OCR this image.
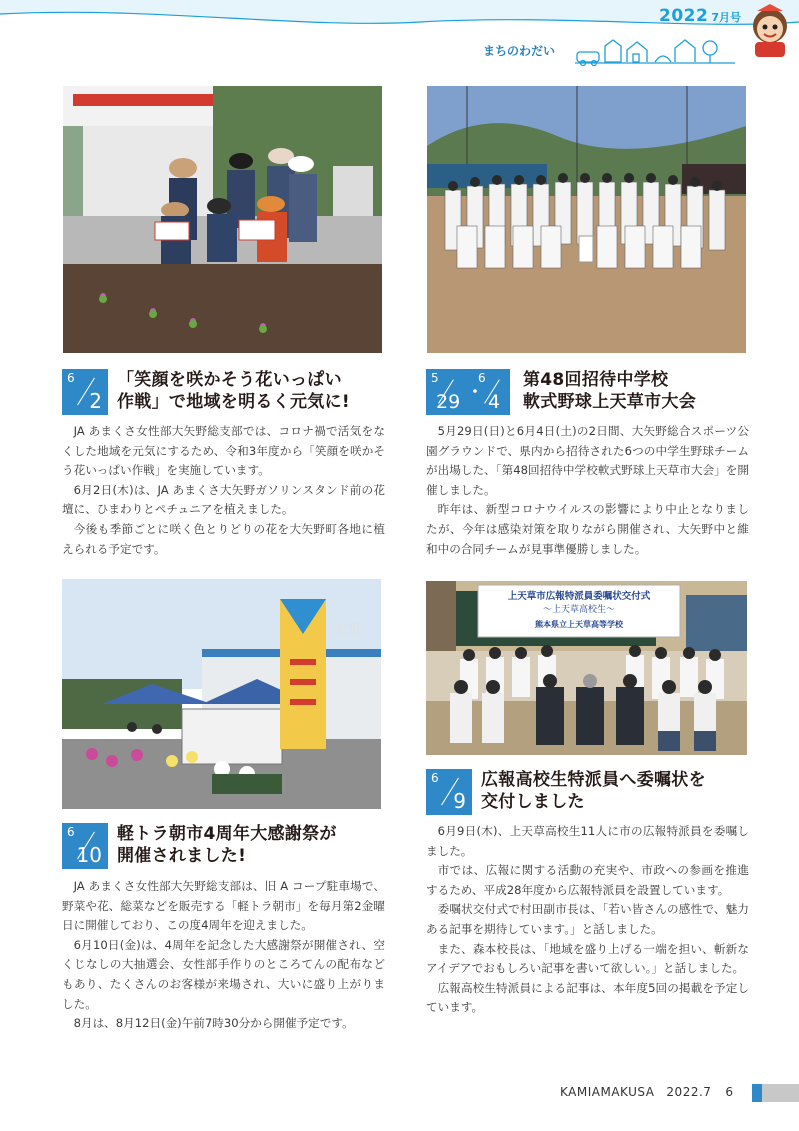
2022 7月号
まちのわだい
6
2
「笑顔を咲かそう花いっぱい
作戦」で地域を明るく元気に!

JA あまくさ女性部大矢野総支部では、コロナ禍で活気をなくした地域を元気にするため、令和3年度から「笑顔を咲かそう花いっぱい作戦」を実施しています。

6月2日(木)は、JA あまくさ大矢野ガソリンスタンド前の花壇に、ひまわりとペチュニアを植えました。

今後も季節ごとに咲く色とりどりの花を大矢野町各地に植えられる予定です。

5
29 ・
6
4
第48回招待中学校
軟式野球上天草市大会

5月29日(日)と6月4日(土)の2日間、大矢野総合スポーツ公園グラウンドで、県内から招待された6つの中学生野球チームが出場した、「第48回招待中学校軟式野球上天草市大会」を開催しました。

昨年は、新型コロナウイルスの影響により中止となりましたが、今年は感染対策を取りながら開催され、大矢野中と維和中の合同チームが見事準優勝しました。

矢野
上天草市広報特派員委嘱状交付式
～上天草高校生～
熊本県立上天草高等学校
6
10
軽トラ朝市4周年大感謝祭が
開催されました!

JA あまくさ女性部大矢野総支部は、旧 A コープ駐車場で、野菜や花、総菜などを販売する「軽トラ朝市」を毎月第2金曜日に開催しており、この度4周年を迎えました。

6月10日(金)は、4周年を記念した大感謝祭が開催され、空くじなしの大抽選会、女性部手作りのところてんの配布などもあり、たくさんのお客様が来場され、大いに盛り上がりました。

8月は、8月12日(金)午前7時30分から開催予定です。

6
9
広報高校生特派員へ委嘱状を
交付しました

6月9日(木)、上天草高校生11人に市の広報特派員を委嘱しました。

市では、広報に関する活動の充実や、市政への参画を推進するため、平成28年度から広報特派員を設置しています。

委嘱状交付式で村田副市長は、「若い皆さんの感性で、魅力ある記事を期待しています。」と話しました。

また、森本校長は、「地域を盛り上げる一端を担い、斬新なアイデアでおもしろい記事を書いて欲しい。」と話しました。

広報高校生特派員による記事は、本年度5回の掲載を予定しています。

KAMIAMAKUSA 2022.7 6
